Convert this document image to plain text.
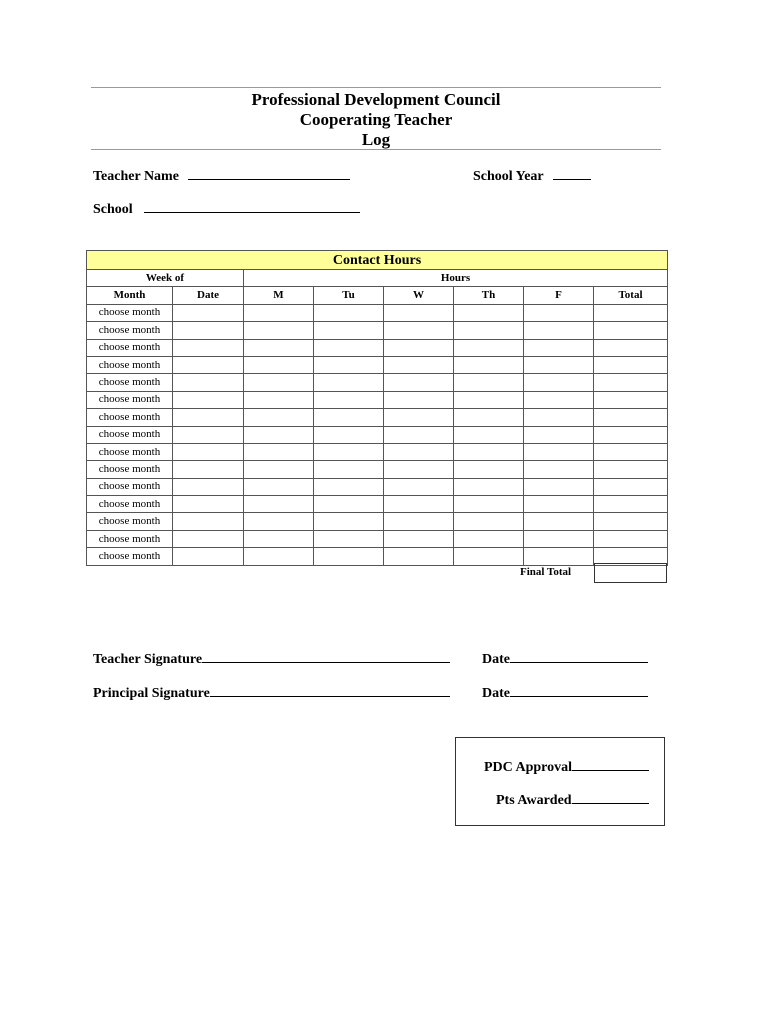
Professional Development Council
Cooperating Teacher
Log
Teacher Name	School Year
School
Contact Hours							
Week of		Hours					
Month	Date	M	Tu	W	Th	F	Total
choose month							
choose month							
choose month							
choose month							
choose month							
choose month							
choose month							
choose month							
choose month							
choose month							
choose month							
choose month							
choose month							
choose month							
choose month							
Final Total
Teacher Signature	Date
Principal Signature	Date
PDC Approval
Pts Awarded
